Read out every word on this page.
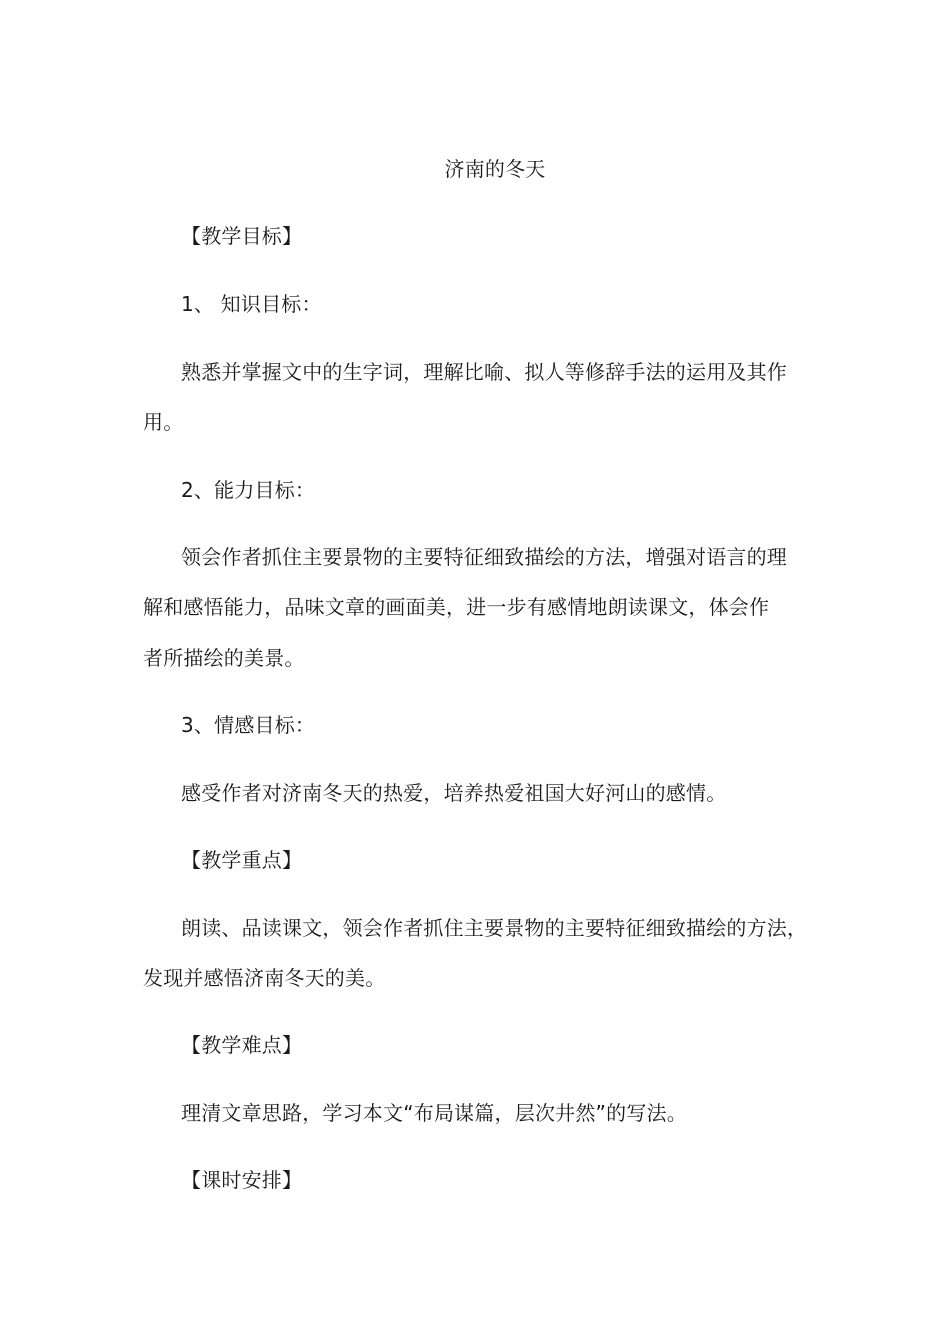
济南的冬天
【教学目标】
1、 知识目标：
熟悉并掌握文中的生字词，理解比喻、拟人等修辞手法的运用及其作
用。
2、能力目标：
领会作者抓住主要景物的主要特征细致描绘的方法，增强对语言的理
解和感悟能力，品味文章的画面美，进一步有感情地朗读课文，体会作
者所描绘的美景。
3、情感目标：
感受作者对济南冬天的热爱，培养热爱祖国大好河山的感情。
【教学重点】
朗读、品读课文，领会作者抓住主要景物的主要特征细致描绘的方法，
发现并感悟济南冬天的美。
【教学难点】
理清文章思路，学习本文“布局谋篇，层次井然”的写法。
【课时安排】
